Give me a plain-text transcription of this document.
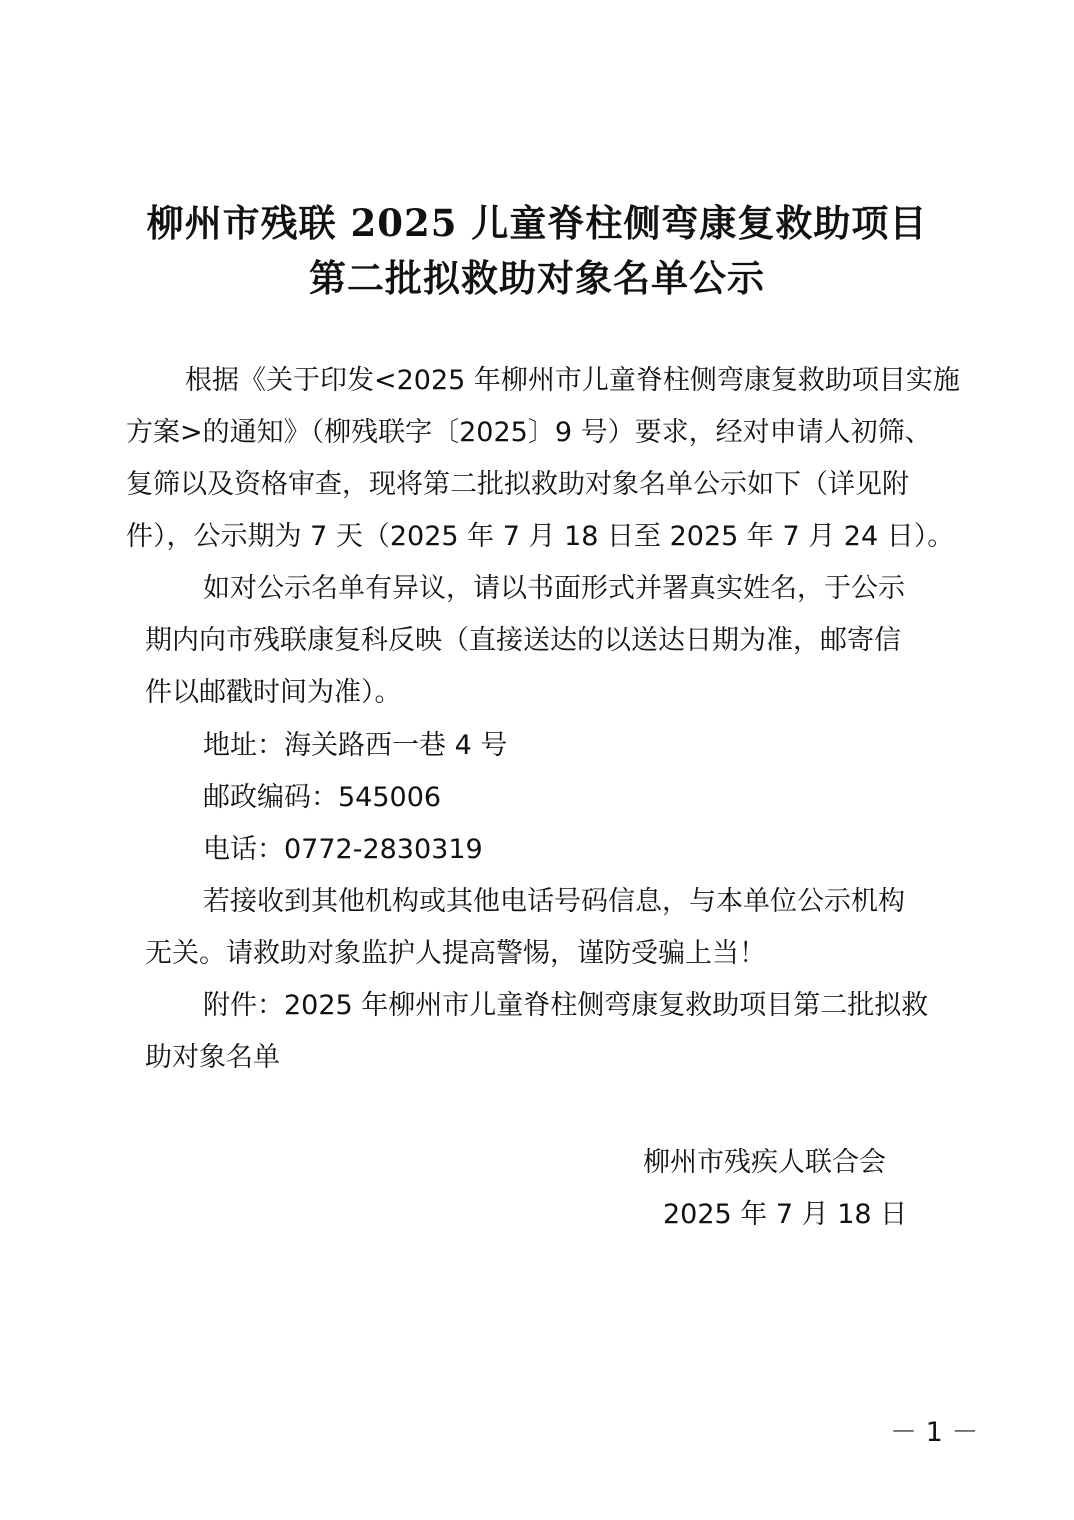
柳州市残联 2025 儿童脊柱侧弯康复救助项目
第二批拟救助对象名单公示

根据《关于印发<2025 年柳州市儿童脊柱侧弯康复救助项目实施

方案>的通知》（柳残联字〔2025〕9 号）要求，经对申请人初筛、

复筛以及资格审查，现将第二批拟救助对象名单公示如下（详见附

件），公示期为 7 天（2025 年 7 月 18 日至 2025 年 7 月 24 日）。

如对公示名单有异议，请以书面形式并署真实姓名，于公示

期内向市残联康复科反映（直接送达的以送达日期为准，邮寄信

件以邮戳时间为准）。

地址：海关路西一巷 4 号

邮政编码：545006

电话：0772-2830319

若接收到其他机构或其他电话号码信息，与本单位公示机构

无关。请救助对象监护人提高警惕，谨防受骗上当！

附件：2025 年柳州市儿童脊柱侧弯康复救助项目第二批拟救

助对象名单

柳州市残疾人联合会

2025 年 7 月 18 日

－ 1 －
